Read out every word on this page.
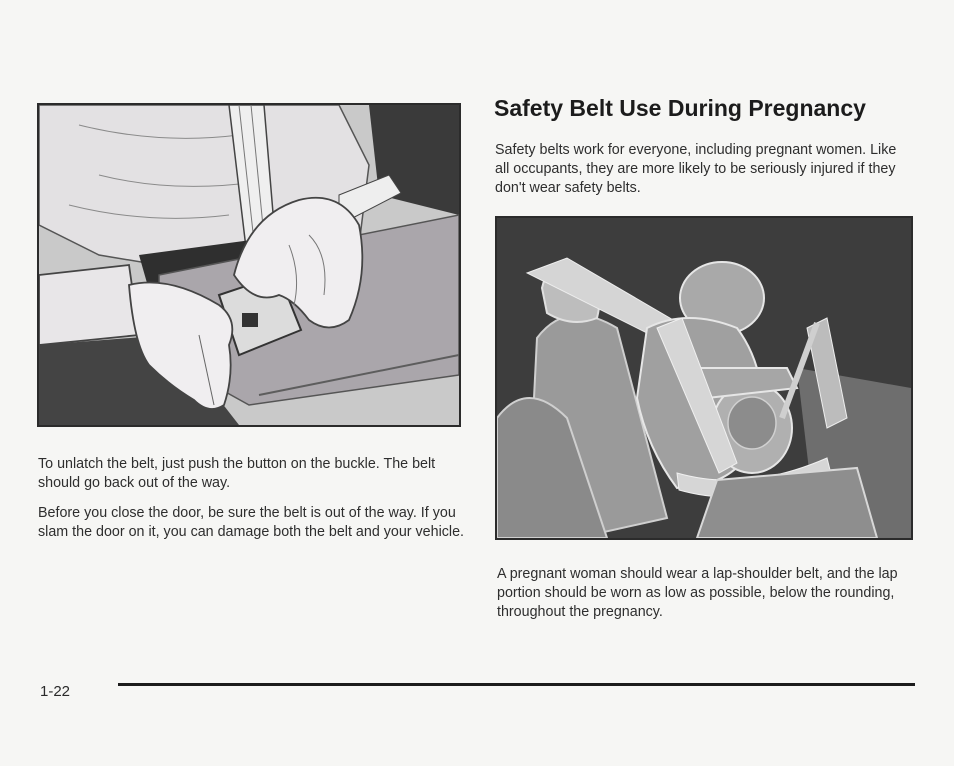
To unlatch the belt, just push the button on the buckle. The belt should go back out of the way.

Before you close the door, be sure the belt is out of the way. If you slam the door on it, you can damage both the belt and your vehicle.

Safety Belt Use During Pregnancy

Safety belts work for everyone, including pregnant women. Like all occupants, they are more likely to be seriously injured if they don't wear safety belts.

A pregnant woman should wear a lap-shoulder belt, and the lap portion should be worn as low as possible, below the rounding, throughout the pregnancy.

1-22
